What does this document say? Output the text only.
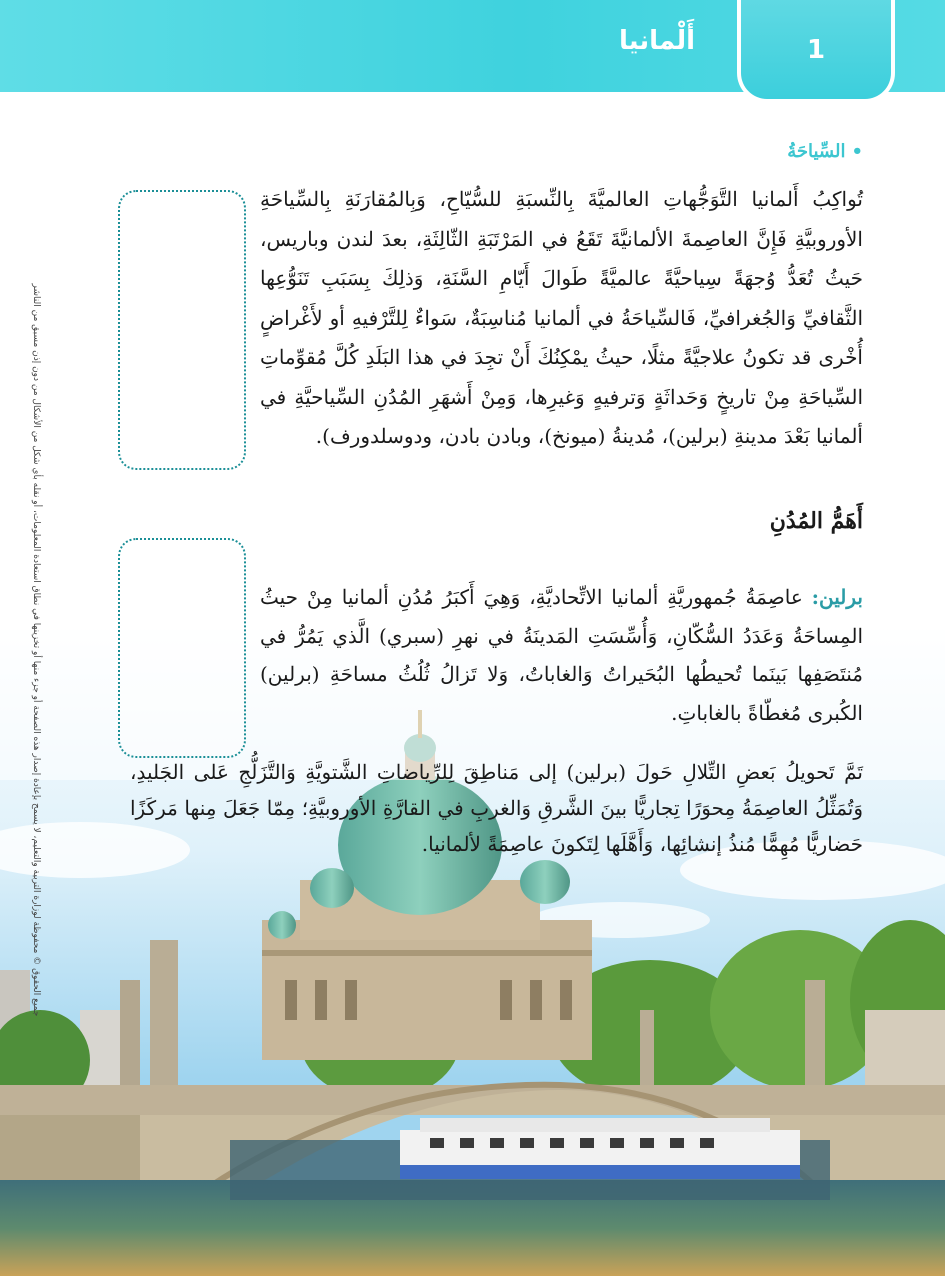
1
أَلْمانيا
جميع الحقوق © محفوظة لوزارة التربية والتعليم، لا يسمح بإعادة إصدار هذه الصفحة أو جزء منها أو تخزينها في نطاق استعادة المعلومات، أو نقله بأي شكل من الأشكال من دون إذن مسبق من الناشر
•السِّياحَةُ
تُواكِبُ أَلمانيا التَّوَجُّهاتِ العالميَّةَ بِالنِّسبَةِ للسُّيّاحِ، وَبِالمُقارَنَةِ بِالسِّياحَةِ الأوروبيَّةِ فَإِنَّ العاصِمةَ الألمانيَّةَ تَقَعُ في المَرْتَبَةِ الثّالِثَةِ، بعدَ لندن وباريس، حَيثُ تُعَدُّ وُجهَةً سِياحيَّةً عالميَّةً طَوالَ أَيّامِ السَّنَةِ، وَذلِكَ بِسَبَبِ تَنَوُّعِها الثَّقافيِّ وَالجُغرافيِّ، فَالسِّياحَةُ في ألمانيا مُناسِبَةٌ، سَواءٌ لِلتَّرْفيهِ أو لأَغْراضٍ أُخْرى قد تكونُ علاجيَّةً مثلًا، حيثُ يمْكِنُكَ أَنْ تجِدَ في هذا البَلَدِ كُلَّ مُقوِّماتِ السِّياحَةِ مِنْ تاريخٍ وَحَداثَةٍ وَترفيهٍ وَغيرِها، وَمِنْ أَشهَرِ المُدُنِ السِّياحيَّةِ في ألمانيا بَعْدَ مدينةِ (برلين)، مُدينةُ (ميونخ)، وبادن بادن، ودوسلدورف).
أَهَمُّ المُدُنِ
برلين: عاصِمَةُ جُمهوريَّةِ ألمانيا الاتِّحاديَّةِ، وَهِيَ أَكبَرُ مُدُنِ ألمانيا مِنْ حيثُ المِساحَةُ وَعَدَدُ السُّكّانِ، وَأُسِّسَتِ المَدينَةُ في نهرِ (سبري) الَّذي يَمُرُّ في مُنتَصَفِها بَينَما تُحيطُها البُحَيراتُ وَالغاباتُ، وَلا تَزالُ ثُلُثُ مساحَةِ (برلين) الكُبرى مُغطّاةً بالغاباتِ.
تَمَّ تَحويلُ بَعضِ التِّلالِ حَولَ (برلين) إلى مَناطِقَ لِلرِّياضاتِ الشَّتويَّةِ وَالتَّزَلُّجِ عَلى الجَليدِ، وَتُمَثِّلُ العاصِمَةُ مِحوَرًا تِجاريًّا بينَ الشَّرقِ وَالغربِ في القارَّةِ الأوروبيَّةِ؛ مِمّا جَعَلَ مِنها مَركَزًا حَضاريًّا مُهِمًّا مُنذُ إنشائِها، وَأَهَّلَها لِتَكونَ عاصِمَةً لألمانيا.
